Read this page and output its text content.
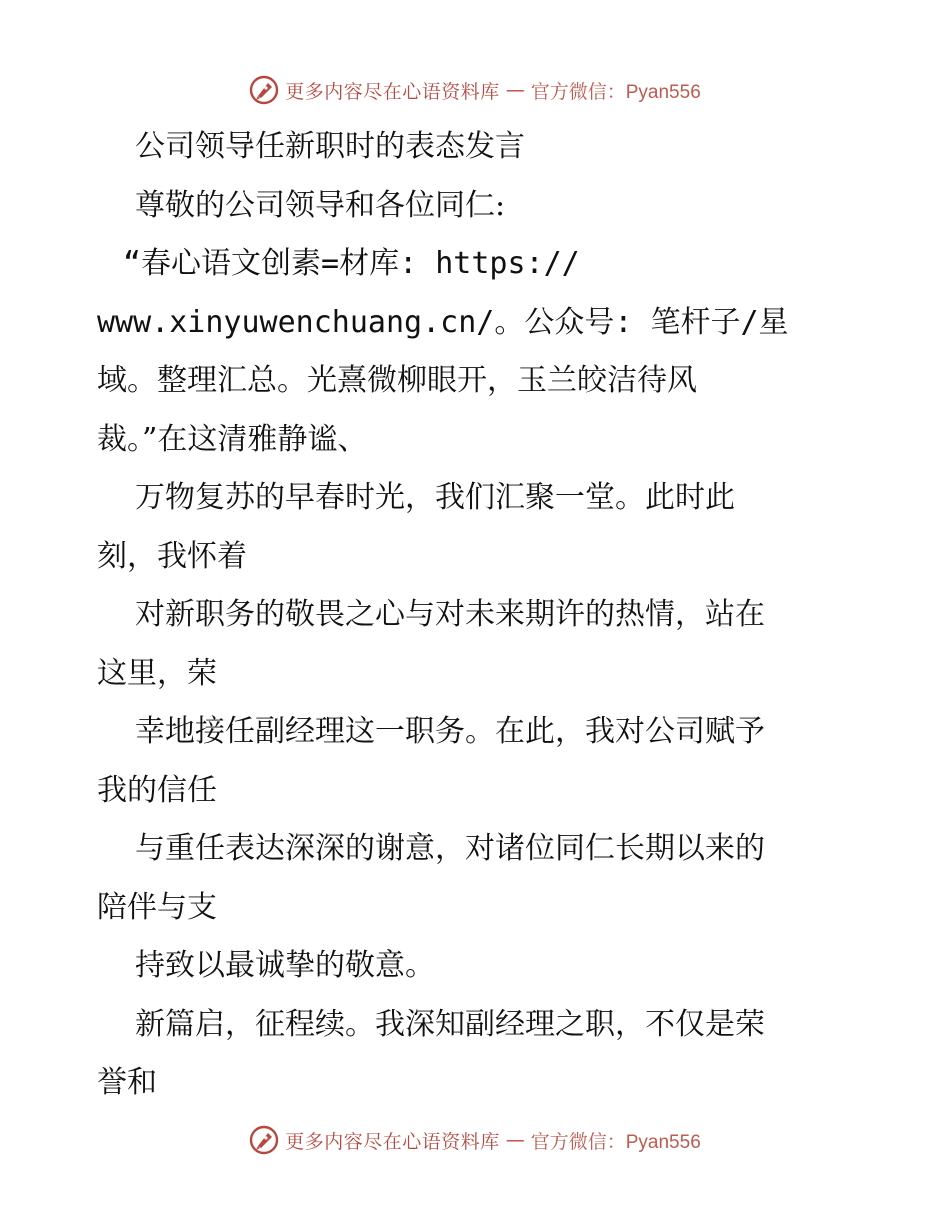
更多内容尽在心语资料库 — 官方微信：Pyan556
公司领导任新职时的表态发言
尊敬的公司领导和各位同仁:
“春心语文创素=材库: https://
www.xinyuwenchuang.cn/。公众号: 笔杆子/星
域。整理汇总。光熹微柳眼开，玉兰皎洁待风
裁。”在这清雅静谧、
万物复苏的早春时光，我们汇聚一堂。此时此
刻，我怀着
对新职务的敬畏之心与对未来期许的热情，站在
这里，荣
幸地接任副经理这一职务。在此，我对公司赋予
我的信任
与重任表达深深的谢意，对诸位同仁长期以来的
陪伴与支
持致以最诚挚的敬意。
新篇启，征程续。我深知副经理之职，不仅是荣
誉和
更多内容尽在心语资料库 — 官方微信：Pyan556
